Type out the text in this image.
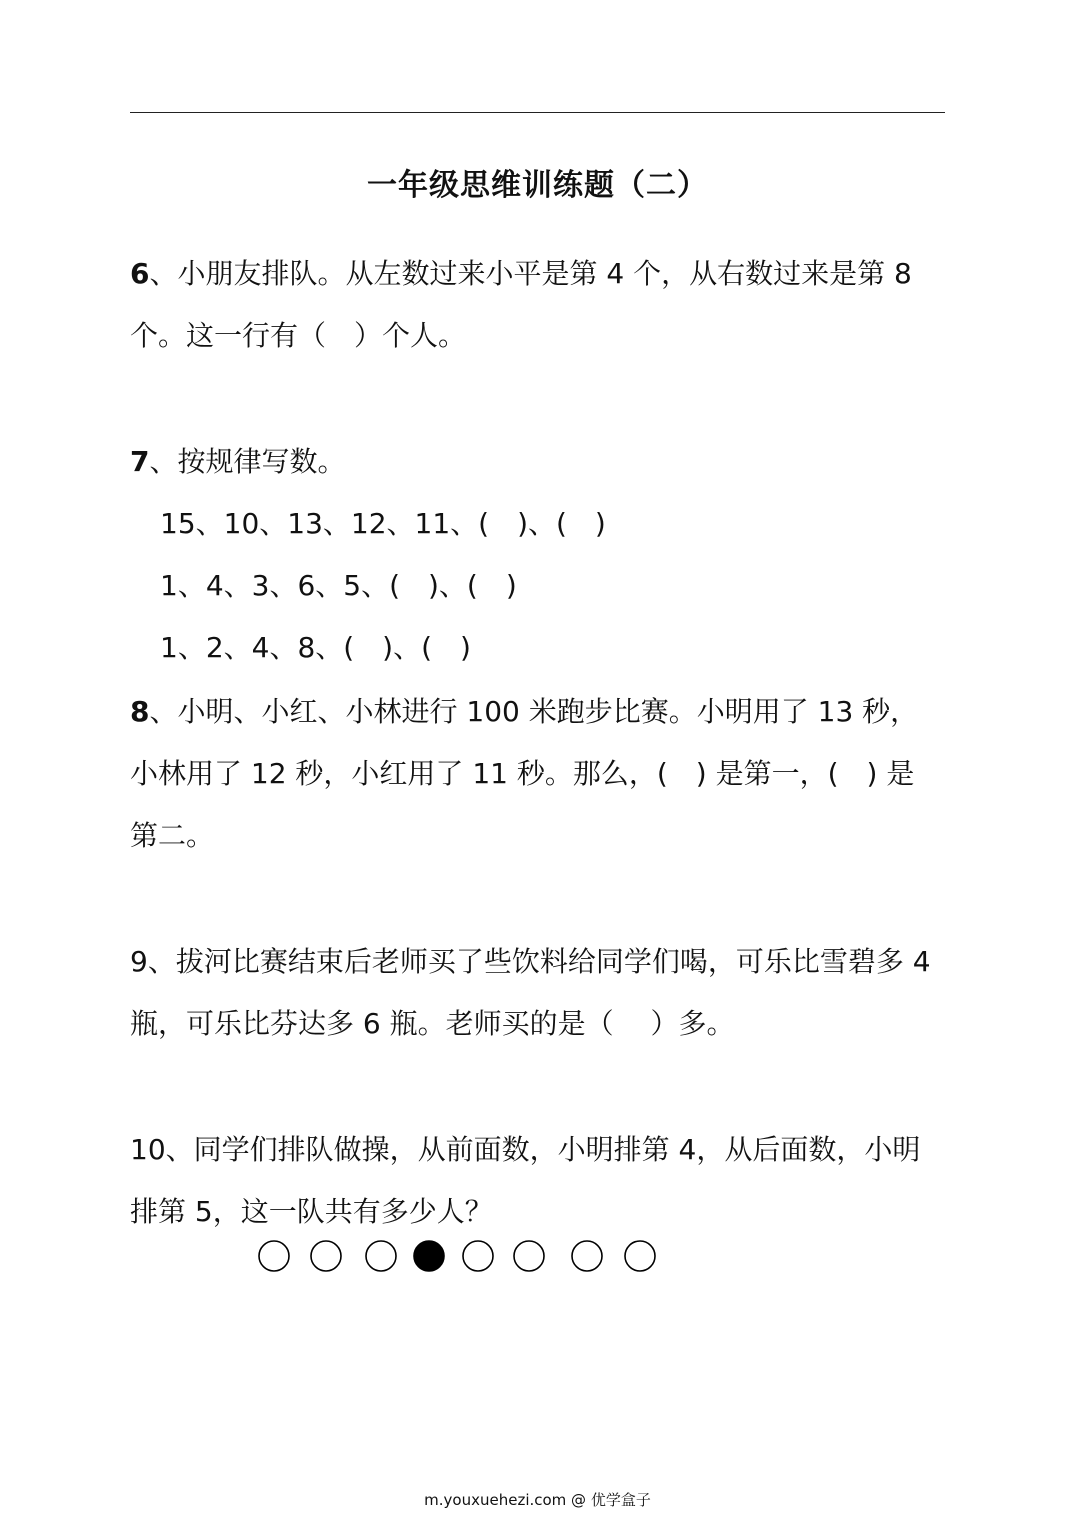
一年级思维训练题（二）
6、小朋友排队。从左数过来小平是第 4 个，从右数过来是第 8
个。这一行有（　）个人。
7、按规律写数。
15、10、13、12、11、(　)、(　)
1、4、3、6、5、(　)、(　)
1、2、4、8、(　)、(　)
8、小明、小红、小林进行 100 米跑步比赛。小明用了 13 秒，
小林用了 12 秒，小红用了 11 秒。那么，(　) 是第一，(　) 是
第二。
9、拔河比赛结束后老师买了些饮料给同学们喝，可乐比雪碧多 4
瓶，可乐比芬达多 6 瓶。老师买的是（　 ）多。
10、同学们排队做操，从前面数，小明排第 4，从后面数，小明
排第 5，这一队共有多少人？
m.youxuehezi.com @ 优学盒子
